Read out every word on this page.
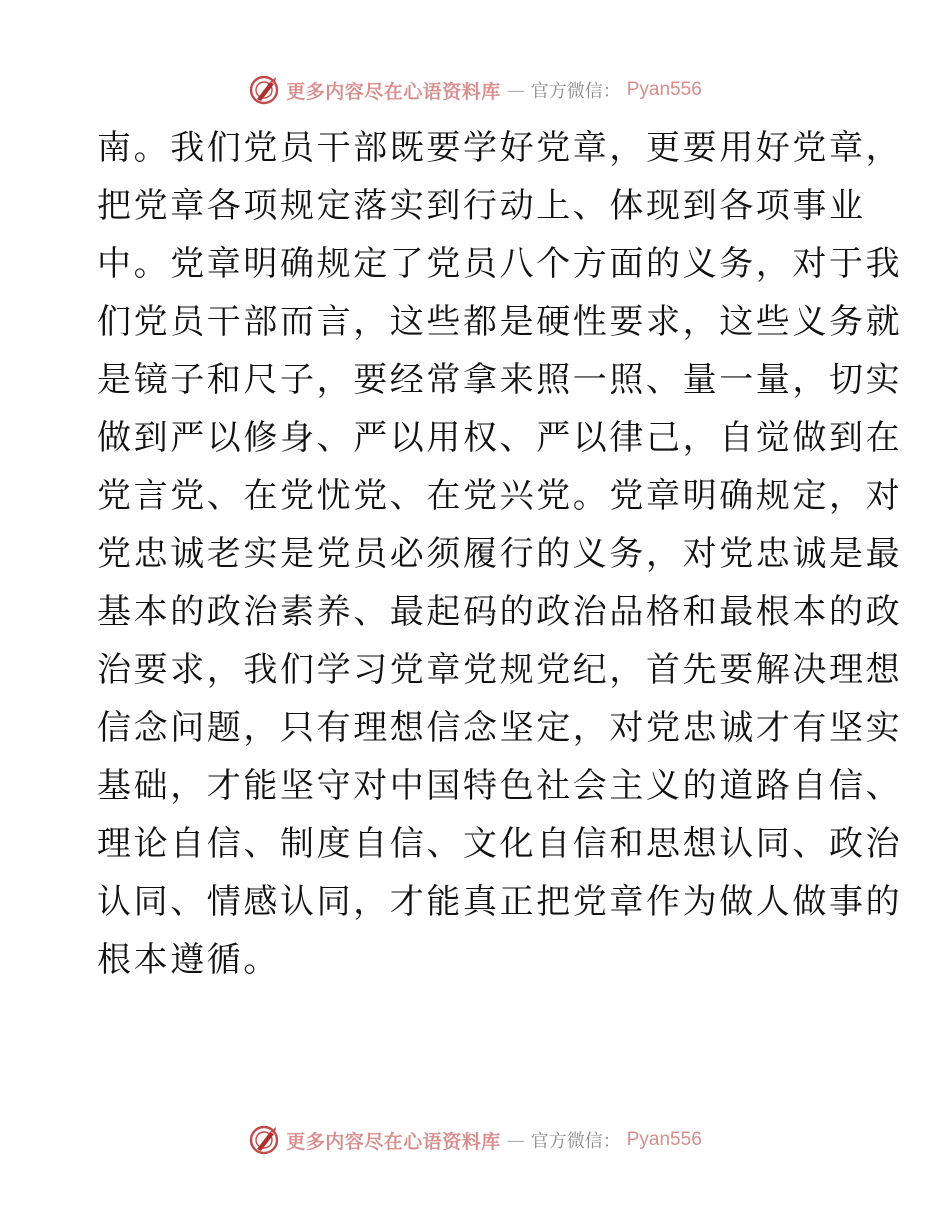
更多内容尽在心语资料库 — 官方微信： Pyan556
南。我们党员干部既要学好党章，更要用好党章，
把党章各项规定落实到行动上、体现到各项事业
中。党章明确规定了党员八个方面的义务，对于我
们党员干部而言，这些都是硬性要求，这些义务就
是镜子和尺子，要经常拿来照一照、量一量，切实
做到严以修身、严以用权、严以律己，自觉做到在
党言党、在党忧党、在党兴党。党章明确规定，对
党忠诚老实是党员必须履行的义务，对党忠诚是最
基本的政治素养、最起码的政治品格和最根本的政
治要求，我们学习党章党规党纪，首先要解决理想
信念问题，只有理想信念坚定，对党忠诚才有坚实
基础，才能坚守对中国特色社会主义的道路自信、
理论自信、制度自信、文化自信和思想认同、政治
认同、情感认同，才能真正把党章作为做人做事的
根本遵循。
更多内容尽在心语资料库 — 官方微信： Pyan556
